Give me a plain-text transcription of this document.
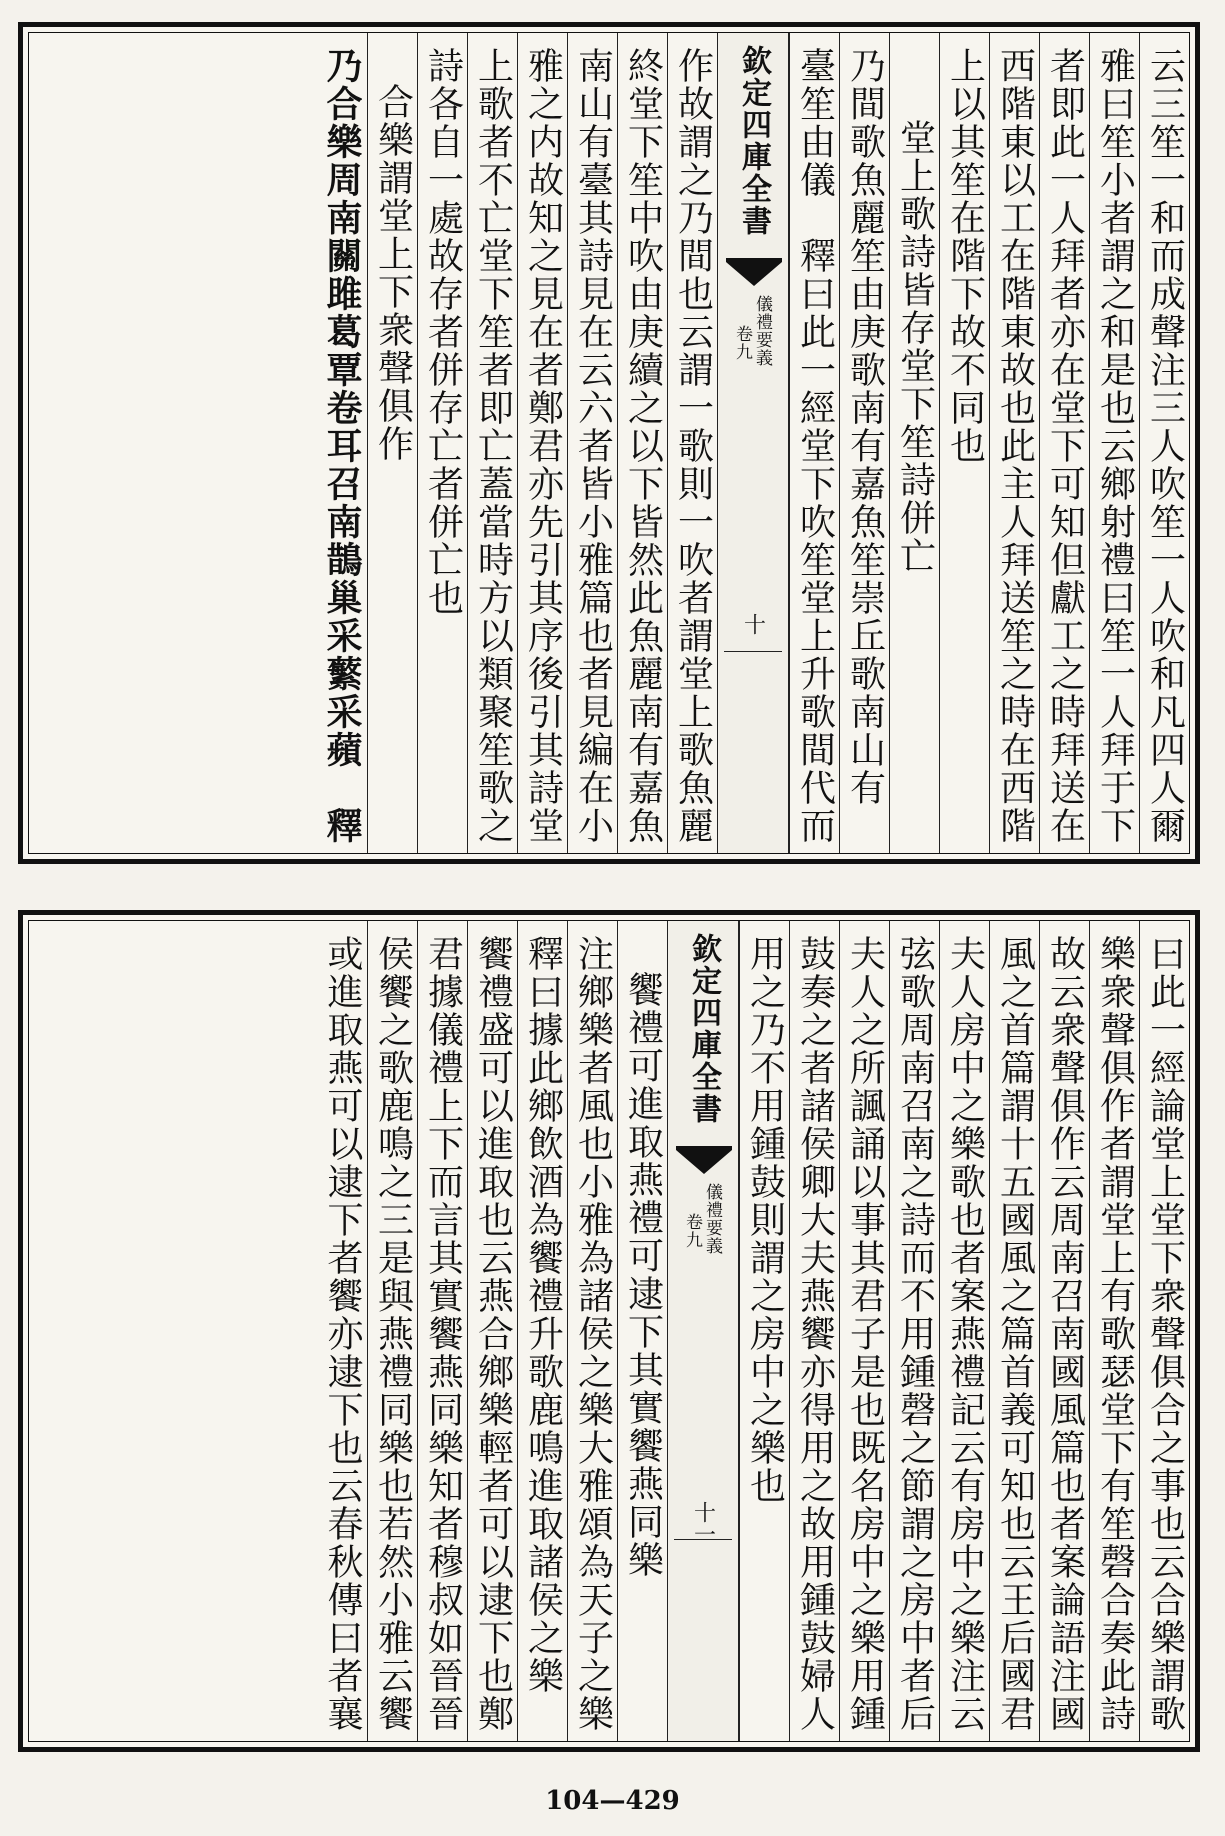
云三笙一和而成聲注三人吹笙一人吹和凡四人爾
雅曰笙小者謂之和是也云鄉射禮曰笙一人拜于下
者即此一人拜者亦在堂下可知但獻工之時拜送在
西階東以工在階東故也此主人拜送笙之時在西階
上以其笙在階下故不同也
堂上歌詩皆存堂下笙詩併亡
乃間歌魚麗笙由庚歌南有嘉魚笙崇丘歌南山有
臺笙由儀　釋曰此一經堂下吹笙堂上升歌間代而
欽定四庫全書
儀禮要義
卷九
十
作故謂之乃間也云謂一歌則一吹者謂堂上歌魚麗
終堂下笙中吹由庚續之以下皆然此魚麗南有嘉魚
南山有臺其詩見在云六者皆小雅篇也者見編在小
雅之内故知之見在者鄭君亦先引其序後引其詩堂
上歌者不亡堂下笙者即亡蓋當時方以類聚笙歌之
詩各自一處故存者併存亡者併亡也
合樂謂堂上下衆聲俱作
乃合樂周南關雎葛覃卷耳召南鵲巢采蘩采蘋　釋
曰此一經論堂上堂下衆聲俱合之事也云合樂謂歌
樂衆聲俱作者謂堂上有歌瑟堂下有笙磬合奏此詩
故云衆聲俱作云周南召南國風篇也者案論語注國
風之首篇謂十五國風之篇首義可知也云王后國君
夫人房中之樂歌也者案燕禮記云有房中之樂注云
弦歌周南召南之詩而不用鍾磬之節謂之房中者后
夫人之所諷誦以事其君子是也既名房中之樂用鍾
鼓奏之者諸侯卿大夫燕饗亦得用之故用鍾鼓婦人
用之乃不用鍾鼓則謂之房中之樂也
欽定四庫全書
儀禮要義
卷九
十一
饗禮可進取燕禮可逮下其實饗燕同樂
注鄉樂者風也小雅為諸侯之樂大雅頌為天子之樂
釋曰據此鄉飲酒為饗禮升歌鹿鳴進取諸侯之樂
饗禮盛可以進取也云燕合鄉樂輕者可以逮下也鄭
君據儀禮上下而言其實饗燕同樂知者穆叔如晉晉
侯饗之歌鹿鳴之三是與燕禮同樂也若然小雅云饗
或進取燕可以逮下者饗亦逮下也云春秋傳曰者襄
104—429
